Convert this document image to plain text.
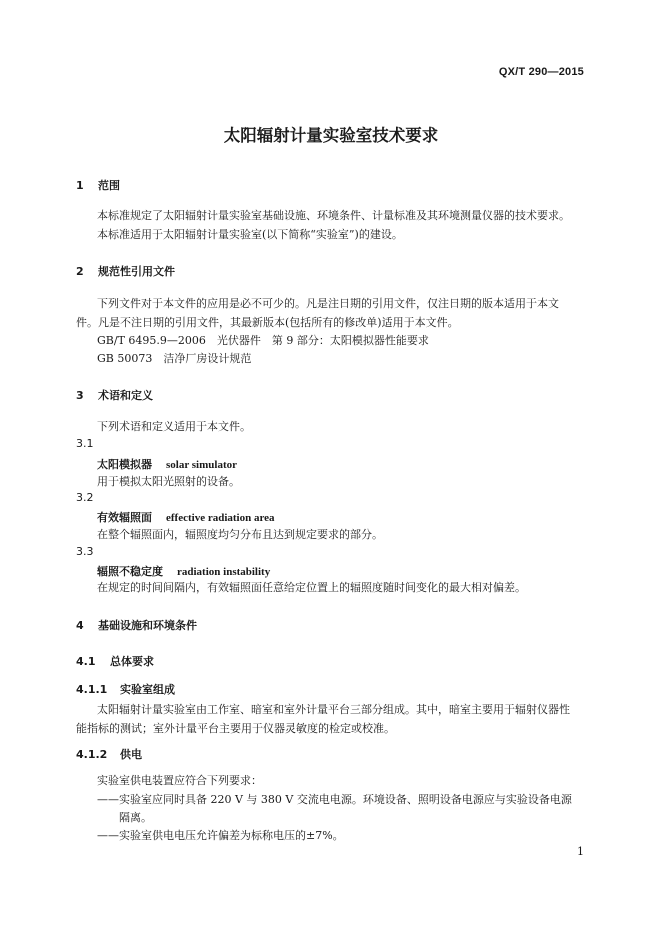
QX/T 290—2015
太阳辐射计量实验室技术要求
1 范围
本标准规定了太阳辐射计量实验室基础设施、环境条件、计量标准及其环境测量仪器的技术要求。
本标准适用于太阳辐射计量实验室(以下简称“实验室”)的建设。
2 规范性引用文件
下列文件对于本文件的应用是必不可少的。凡是注日期的引用文件，仅注日期的版本适用于本文
件。凡是不注日期的引用文件，其最新版本(包括所有的修改单)适用于本文件。
GB/T 6495.9—2006　光伏器件　第 9 部分：太阳模拟器性能要求
GB 50073　洁净厂房设计规范
3 术语和定义
下列术语和定义适用于本文件。
3.1
太阳模拟器 solar simulator
用于模拟太阳光照射的设备。
3.2
有效辐照面 effective radiation area
在整个辐照面内，辐照度均匀分布且达到规定要求的部分。
3.3
辐照不稳定度 radiation instability
在规定的时间间隔内，有效辐照面任意给定位置上的辐照度随时间变化的最大相对偏差。
4 基础设施和环境条件
4.1 总体要求
4.1.1 实验室组成
太阳辐射计量实验室由工作室、暗室和室外计量平台三部分组成。其中，暗室主要用于辐射仪器性
能指标的测试；室外计量平台主要用于仪器灵敏度的检定或校准。
4.1.2 供电
实验室供电装置应符合下列要求：
——实验室应同时具备 220 V 与 380 V 交流电电源。环境设备、照明设备电源应与实验设备电源
隔离。
——实验室供电电压允许偏差为标称电压的±7%。
1
